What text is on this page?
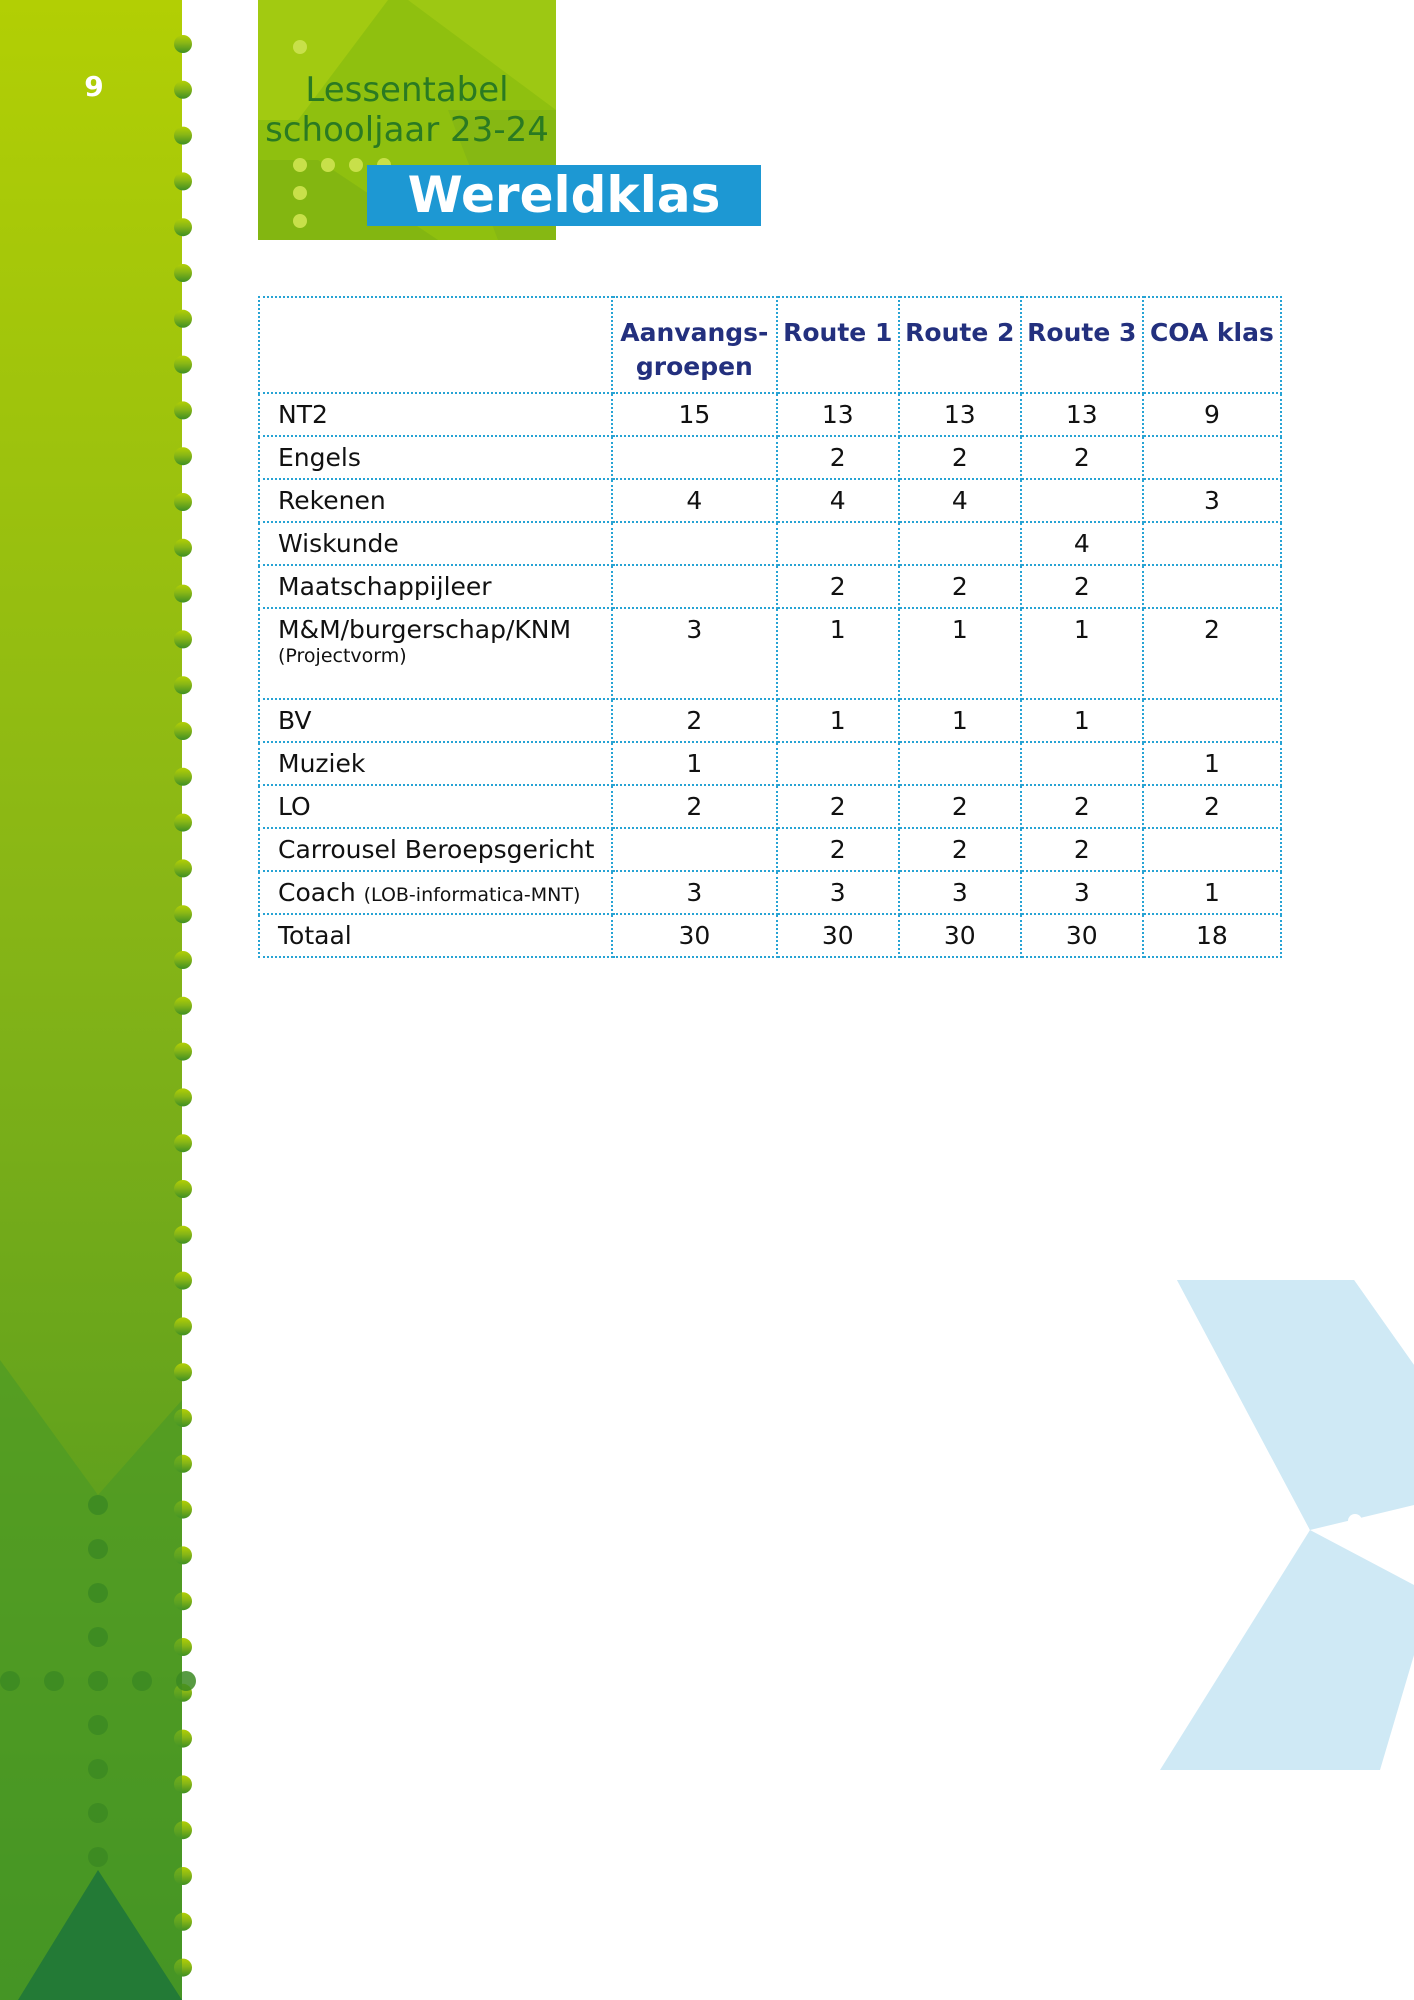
9	Lessentabel
schooljaar 23-24
Wereldklas
	Aanvangs-
groepen	Route 1	Route 2	Route 3	COA klas
NT2	15	13	13	13	9
Engels		2	2	2	
Rekenen	4	4	4		3
Wiskunde				4	
Maatschappijleer		2	2	2	
M&M/burgerschap/KNM
(Projectvorm)	3	1	1	1	2
BV	2	1	1	1	
Muziek	1				1
LO	2	2	2	2	2
Carrousel Beroepsgericht		2	2	2	
Coach (LOB-informatica-MNT)	3	3	3	3	1
Totaal	30	30	30	30	18
